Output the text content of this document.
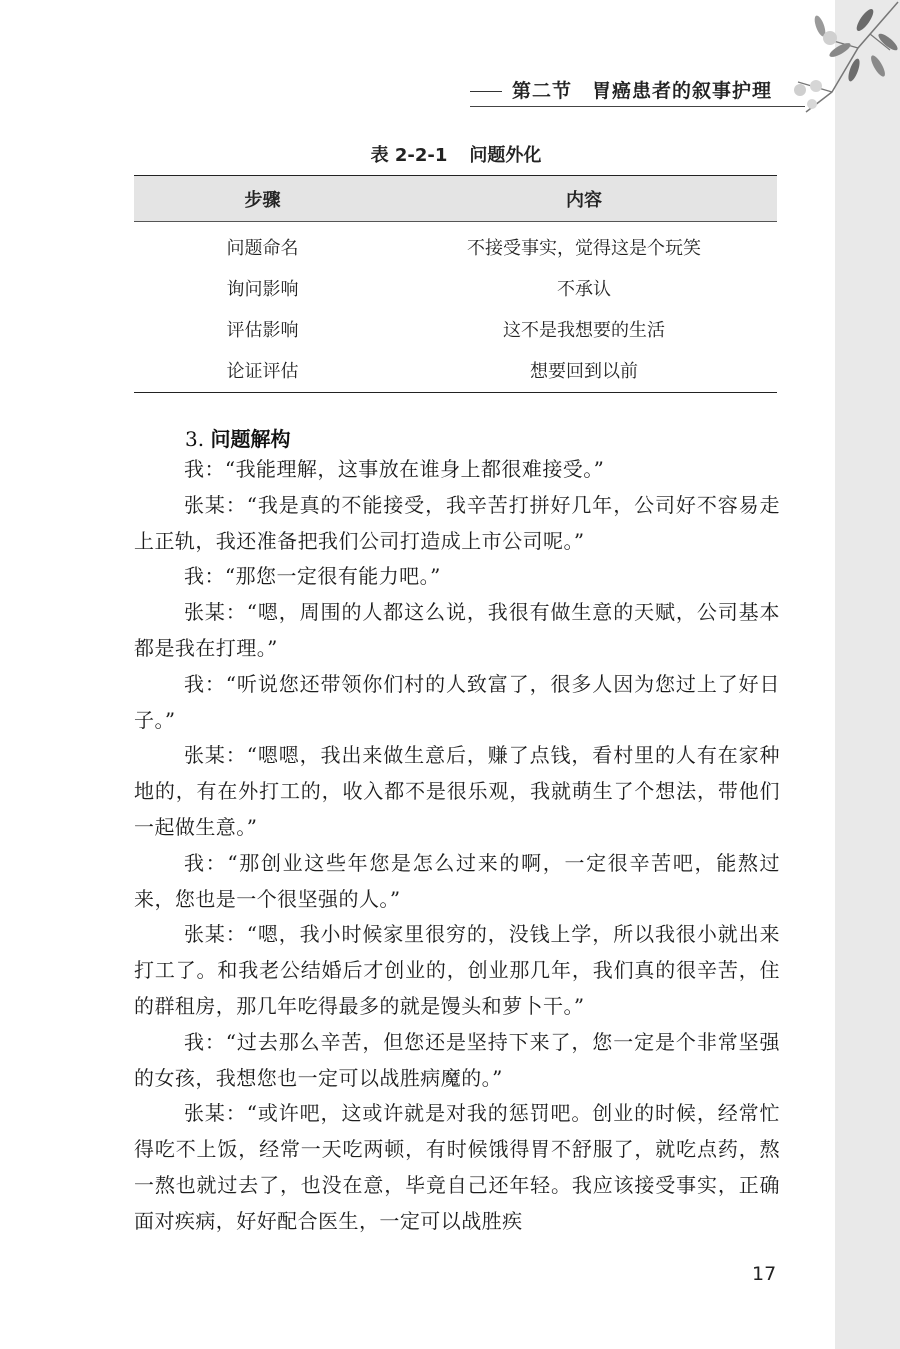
第二节　胃癌患者的叙事护理
表 2-2-1 问题外化
步骤	内容
问题命名	不接受事实，觉得这是个玩笑
询问影响	不承认
评估影响	这不是我想要的生活
论证评估	想要回到以前
3. 问题解构

我：“我能理解，这事放在谁身上都很难接受。”

张某：“我是真的不能接受，我辛苦打拼好几年，公司好不容易走上正轨，我还准备把我们公司打造成上市公司呢。”

我：“那您一定很有能力吧。”

张某：“嗯，周围的人都这么说，我很有做生意的天赋，公司基本都是我在打理。”

我：“听说您还带领你们村的人致富了，很多人因为您过上了好日子。”

张某：“嗯嗯，我出来做生意后，赚了点钱，看村里的人有在家种地的，有在外打工的，收入都不是很乐观，我就萌生了个想法，带他们一起做生意。”

我：“那创业这些年您是怎么过来的啊，一定很辛苦吧，能熬过来，您也是一个很坚强的人。”

张某：“嗯，我小时候家里很穷的，没钱上学，所以我很小就出来打工了。和我老公结婚后才创业的，创业那几年，我们真的很辛苦，住的群租房，那几年吃得最多的就是馒头和萝卜干。”

我：“过去那么辛苦，但您还是坚持下来了，您一定是个非常坚强的女孩，我想您也一定可以战胜病魔的。”

张某：“或许吧，这或许就是对我的惩罚吧。创业的时候，经常忙得吃不上饭，经常一天吃两顿，有时候饿得胃不舒服了，就吃点药，熬一熬也就过去了，也没在意，毕竟自己还年轻。我应该接受事实，正确面对疾病，好好配合医生，一定可以战胜疾

17
